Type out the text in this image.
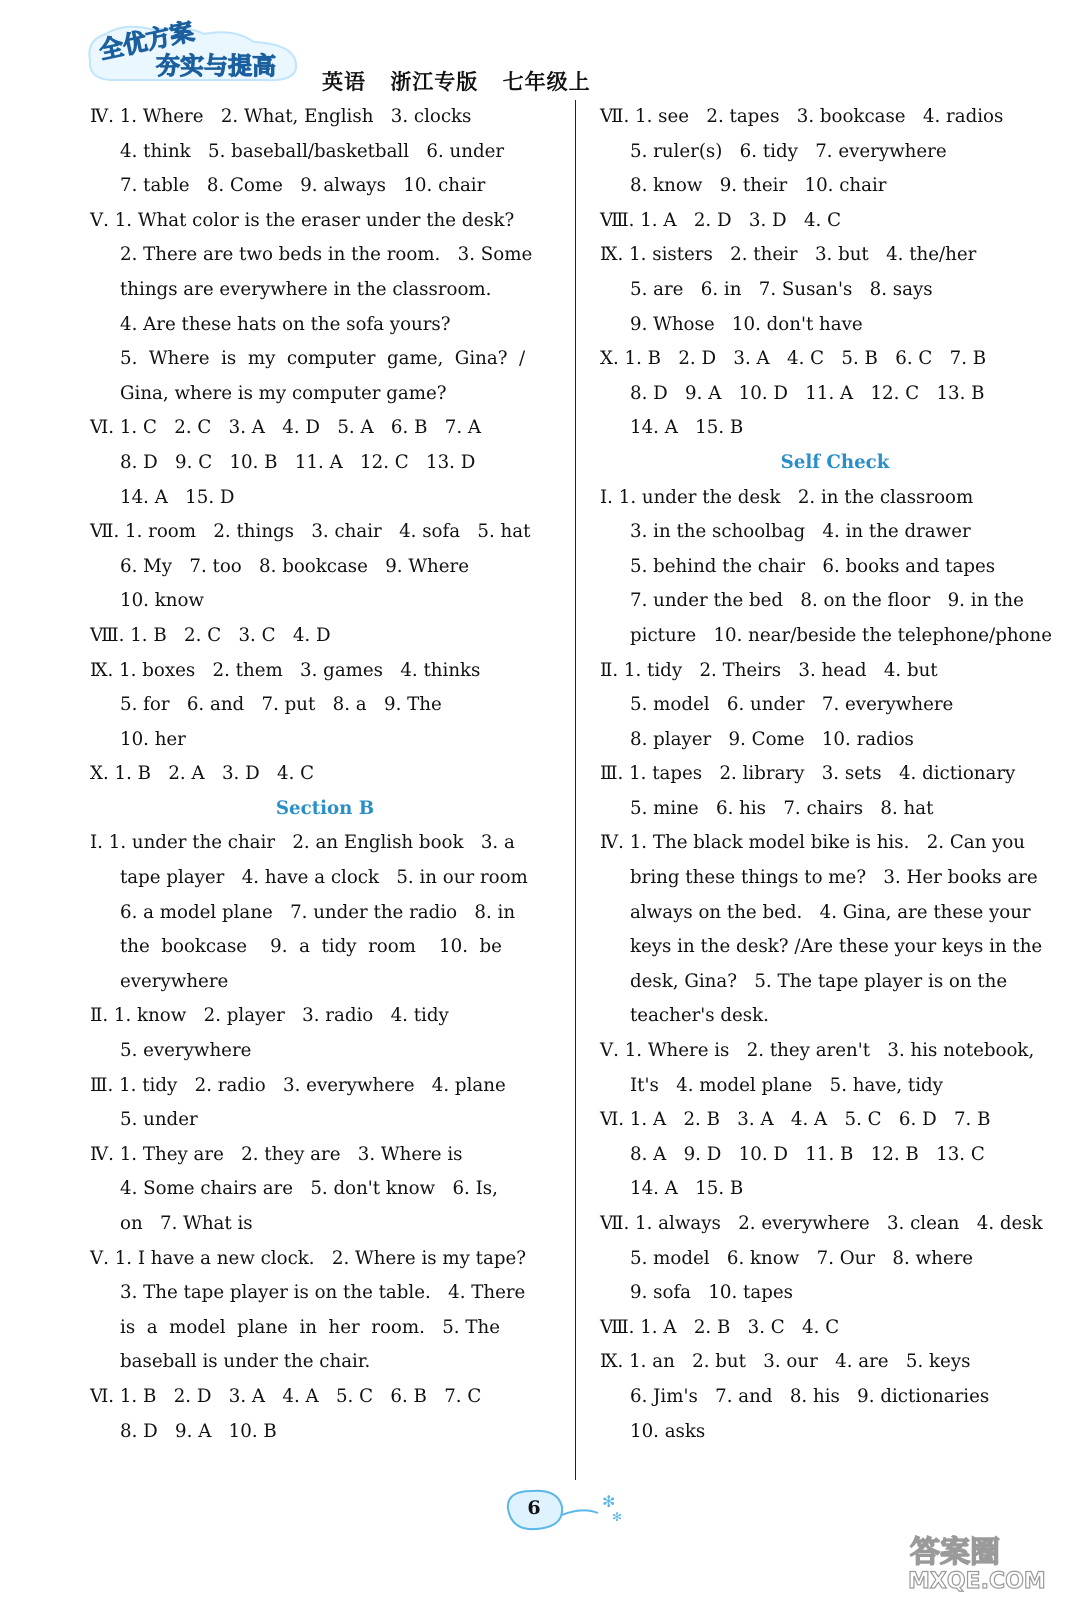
全优方案
夯实与提高
英语 浙江专版 七年级上
Ⅳ. 1. Where   2. What, English   3. clocks
4. think   5. baseball/basketball   6. under
7. table   8. Come   9. always   10. chair
Ⅴ. 1. What color is the eraser under the desk?
2. There are two beds in the room.   3. Some
things are everywhere in the classroom.
4. Are these hats on the sofa yours?
5.  Where  is  my  computer  game,  Gina?  /
Gina, where is my computer game?
Ⅵ. 1. C   2. C   3. A   4. D   5. A   6. B   7. A
8. D   9. C   10. B   11. A   12. C   13. D
14. A   15. D
Ⅶ. 1. room   2. things   3. chair   4. sofa   5. hat
6. My   7. too   8. bookcase   9. Where
10. know
Ⅷ. 1. B   2. C   3. C   4. D
Ⅸ. 1. boxes   2. them   3. games   4. thinks
5. for   6. and   7. put   8. a   9. The
10. her
Ⅹ. 1. B   2. A   3. D   4. C
Section B
Ⅰ. 1. under the chair   2. an English book   3. a
tape player   4. have a clock   5. in our room
6. a model plane   7. under the radio   8. in
the  bookcase    9.  a  tidy  room    10.  be
everywhere
Ⅱ. 1. know   2. player   3. radio   4. tidy
5. everywhere
Ⅲ. 1. tidy   2. radio   3. everywhere   4. plane
5. under
Ⅳ. 1. They are   2. they are   3. Where is
4. Some chairs are   5. don't know   6. Is,
on   7. What is
Ⅴ. 1. I have a new clock.   2. Where is my tape?
3. The tape player is on the table.   4. There
is  a  model  plane  in  her  room.   5. The
baseball is under the chair.
Ⅵ. 1. B   2. D   3. A   4. A   5. C   6. B   7. C
8. D   9. A   10. B
Ⅶ. 1. see   2. tapes   3. bookcase   4. radios
5. ruler(s)   6. tidy   7. everywhere
8. know   9. their   10. chair
Ⅷ. 1. A   2. D   3. D   4. C
Ⅸ. 1. sisters   2. their   3. but   4. the/her
5. are   6. in   7. Susan's   8. says
9. Whose   10. don't have
Ⅹ. 1. B   2. D   3. A   4. C   5. B   6. C   7. B
8. D   9. A   10. D   11. A   12. C   13. B
14. A   15. B
Self Check
Ⅰ. 1. under the desk   2. in the classroom
3. in the schoolbag   4. in the drawer
5. behind the chair   6. books and tapes
7. under the bed   8. on the floor   9. in the
picture   10. near/beside the telephone/phone
Ⅱ. 1. tidy   2. Theirs   3. head   4. but
5. model   6. under   7. everywhere
8. player   9. Come   10. radios
Ⅲ. 1. tapes   2. library   3. sets   4. dictionary
5. mine   6. his   7. chairs   8. hat
Ⅳ. 1. The black model bike is his.   2. Can you
bring these things to me?   3. Her books are
always on the bed.   4. Gina, are these your
keys in the desk? /Are these your keys in the
desk, Gina?   5. The tape player is on the
teacher's desk.
Ⅴ. 1. Where is   2. they aren't   3. his notebook,
It's   4. model plane   5. have, tidy
Ⅵ. 1. A   2. B   3. A   4. A   5. C   6. D   7. B
8. A   9. D   10. D   11. B   12. B   13. C
14. A   15. B
Ⅶ. 1. always   2. everywhere   3. clean   4. desk
5. model   6. know   7. Our   8. where
9. sofa   10. tapes
Ⅷ. 1. A   2. B   3. C   4. C
Ⅸ. 1. an   2. but   3. our   4. are   5. keys
6. Jim's   7. and   8. his   9. dictionaries
10. asks
✻
✻
6
答案圈
MXQE.COM
